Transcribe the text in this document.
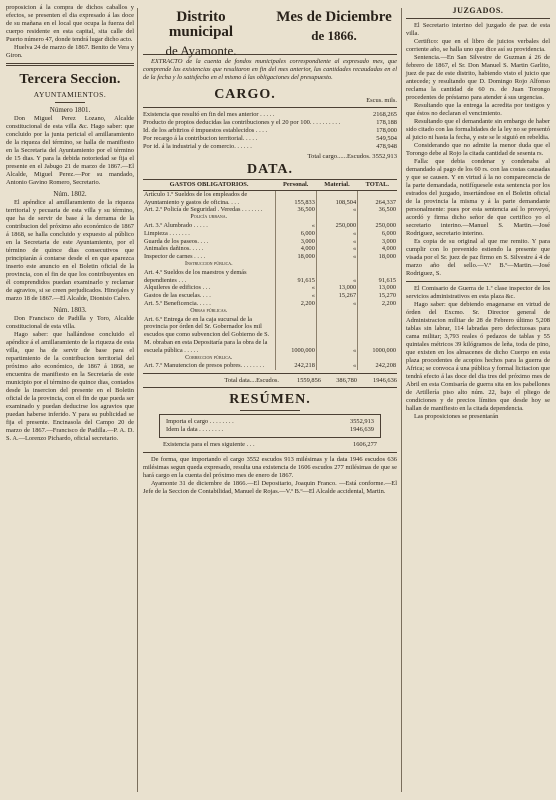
proposicion á la compra de dichos caballos y efectos, se presenten el dia expresado á las doce de su mañana en el local que ocupa la fuerza del cuerpo residente en esta capital, sita calle del Puerto número 47, donde tendrá lugar dicho acto.

Huelva 24 de marzo de 1867. Benito de Vera y Giron.

Tercera Seccion.
AYUNTAMIENTOS.
Número 1801.

Don Miguel Perez Lozano, Alcalde constitucional de esta villa &c. Hago saber: que concluido por la junta pericial el amillaramiento de la riqueza del término, se halla de manifiesto en la Secretaria del Ayuntamiento por el término de 15 dias. Y para la debida notoriedad se fija el presente en el Jabugo 21 de marzo de 1867.—El Alcalde, Miguel Perez.—Por su mandado, Antonio Gavino Romero, Secretario.

Núm. 1802.

El apéndice al amillaramiento de la riqueza territorial y pecuaria de esta villa y su término, que ha de servir de base á la derrama de la contribucion del próximo año económico de 1867 á 1868, se halla concluido y expuesto al público en la Secretaria de este Ayuntamiento, por el término de quince dias consecutivos que principiarán á contarse desde el en que aparezca inserto este anuncio en el Boletin oficial de la provincia, con el fin de que los contribuyentes en él comprendidos puedan examinarlo y reclamar de agravios, si se creen perjudicados. Hinojales y marzo 18 de 1867.—El Alcalde, Dionisio Calvo.

Núm. 1803.

Don Francisco de Padilla y Toro, Alcalde constitucional de esta villa.

Hago saber: que hallándose concluido el apéndice á el amillaramiento de la riqueza de esta villa, que ha de servir de base para el repartimiento de la contribucion territorial del próximo año económico, de 1867 á 1868, se encuentra de manifiesto en la Secretaría de este municipio por el término de quince dias, contados desde la insercion del presente en el Boletin oficial de la provincia, con el fin de que pueda ser examinado y puedan deducirse los agravios que puedan haberse inferido. Y para su publicidad se fija el presente. Encinasola del Campo 20 de marzo de 1867.—Francisco de Padilla.—P. A. D. S. A.—Lorenzo Pichardo, oficial secretario.

Distrito municipal
de Ayamonte.
Mes de Diciembre
de 1866.

EXTRACTO de la cuenta de fondos municipales correspondiente al expresado mes, que comprende las existencias que resultaron en fin del mes anterior, las cantidades recaudadas en el de la fecha y lo satisfecho en el mismo á las obligaciones del presupuesto.

CARGO.	Escus. mils.
Existencia que resultó en fin del mes anterior . . . . .	2168,265
Producto de propios deducidas las contribuciones y el 20 por 100. . . . . . . . . .	178,188
Id. de los arbitrios é impuestos establecidos . . . .	178,000
Por recargo á la contribucion territorial. . . . .	549,504
Por id. á la industrial y de comercio. . . . . .	478,948
Total cargo......Escudos. 3552,913
DATA.
GASTOS OBLIGATORIOS.	Personal.	Material.	TOTAL.
Artículo 1.º Sueldos de los empleados de Ayuntamiento y gastos de oficina. . . .	155,833	108,504	264,337
Art. 2.º Policía de Seguridad . Veredas . . . . . . .	36,500	«	36,500
Policía urbana.			
Art. 3.º Alumbrado . . . . .	«	250,000	250,000
Limpieza . . . . . . .	6,000	«	6,000
Guarda de los paseos. . . .	3,000	«	3,000
Animales dañinos. . . . .	4,000	«	4,000
Inspector de carnes . . . .	18,000	«	18,000
Instruccion pública.			
Art. 4.º Sueldos de los maestros y demás dependientes . . .	91,615	«	91,615
Alquileres de edificios . . .	«	13,000	13,000
Gastos de las escuelas. . . .	«	15,267	15,270
Art. 5.º Beneficencia. . . . .	2,200	«	2,200
Obras públicas.			
Art. 6.º Entrega de en la caja sucursal de la provincia por órden del Sr. Gobernador los mil escudos que como subvencion del Gobierno de S. M. obraban en esta Depositaría para la obra de la escuela pública . . . . .	1000,000	«	1000,000
Correccion pública.			
Art. 7.º Manutencion de presos pobres. . . . . . . .	242,218	«	242,208
Total data....Escudos.	1559,856	386,780	1946,636
RESÚMEN.
Importa el cargo . . . . . . . .	3552,913
Idem la data . . . . . . . .	1946,639
Existencia para el mes siguiente . . .	1606,277

De forma, que importando el cargo 3552 escudos 913 milésimas y la data 1946 escudos 636 milésimas segun queda expresado, resulta una existencia de 1606 escudos 277 milésimas de que se hará cargo en la cuenta del próximo mes de enero de 1867.

Ayamonte 31 de diciembre de 1866.—El Depositario, Joaquin Franco. —Está conforme.—El Jefe de la Seccion de Contabilidad, Manuel de Rojas.—V.º B.º—El Alcalde accidental, Martin.

JUZGADOS.

El Secretario interino del juzgado de paz de esta villa.

Certifico: que en el libro de juicios verbales del corriente año, se halla uno que dice así su providencia.

Sentencia.—En San Silvestre de Guzman á 26 de febrero de 1867, el Sr. Don Manuel S. Martin Garlito, juez de paz de este distrito, habiendo visto el juicio que antecede; y resultando que D. Domingo Rojo Alfonso reclama la cantidad de 60 rs. de Juan Torongo procedentes de préstamo para atender á sus urgencias.

Resultando que la entrega la acredita por testigos y que éstos no declaran el vencimiento.

Resultando que el demandante sin embargo de haber sido citado con las formalidades de la ley no se presentó al juicio ni hasta la fecha, y este se le siguió en rebeldia.

Considerando que no admite la menor duda que el Torongo debe al Rojo la citada cantidad de sesenta rs.

Falla: que debia condenar y condenaba al demandado al pago de los 60 rs. con las costas causadas y que se causen. Y en virtud á la no comparecencia de la parte demandada, notifíquesele esta sentencia por los estrados del juzgado, insertándose en el Boletin oficial de la provincia la misma y á la parte demandante personalmente: pues por esta sentencia así lo proveyó, acordó y firma dicho señor de que certifico yo el secretario interino.—Manuel S. Martin.—José Rodriguez, secretario interino.

Es copia de su original al que me remito. Y para cumplir con lo prevenido estiendo la presente que visada por el Sr. juez de paz firmo en S. Silvestre á 4 de marzo año del sello.—V.º B.º—Martin.—José Rodriguez, S.

El Comisario de Guerra de 1.ª clase inspector de los servicios administrativos en esta plaza &c.

Hago saber: que debiendo enagenarse en virtud de órden del Excmo. Sr. Director general de Administracion militar de 28 de Febrero último 5,208 tablas sin labrar, 114 labradas pero defectuosas para cama militar; 3,793 reales ó pedazos de tablas y 55 quintales métricos 39 kilógramos de leña, toda de pino, que existen en los almacenes de dicho Cuerpo en esta plaza procedentes de acopios hechos para la guerra de Africa; se convoca á una pública y formal licitacion que tendrá efecto á las doce del dia tres del próximo mes de Abril en esta Comisaría de guerra sita en los pabellones de Artillería piso alto núm. 22, bajo el pliego de condiciones y de precios límites que desde hoy se hallan de manifiesto en la citada dependencia.

Las proposiciones se presentarán
